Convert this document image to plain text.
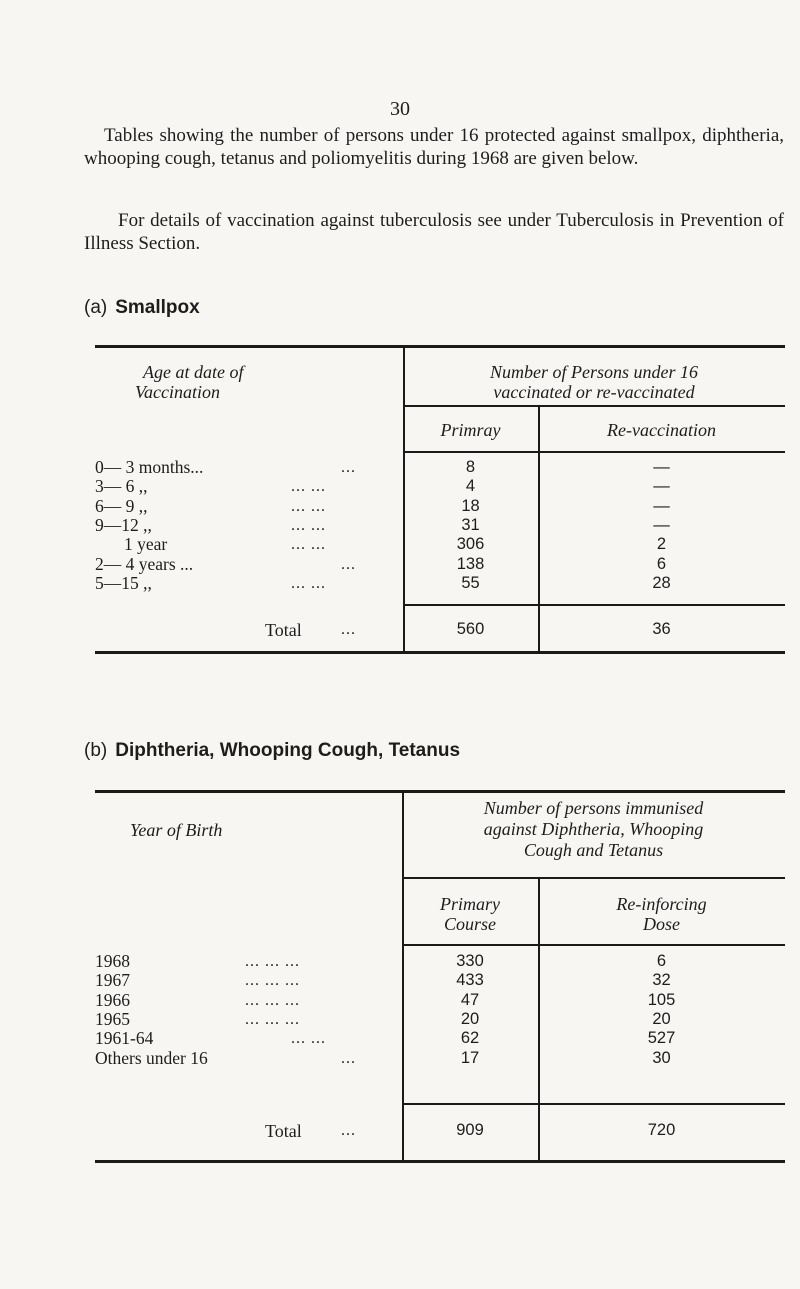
30
Tables showing the number of persons under 16 protected against smallpox, diphtheria, whooping cough, tetanus and poliomyelitis during 1968 are given below.
For details of vaccination against tuberculosis see under Tuberculosis in Prevention of Illness Section.
(a) Smallpox
Age at date of
Vaccination
Number of Persons under 16
vaccinated or re-vaccinated
Primray	Re-vaccination
0— 3 months...	...	8	—
3— 6 ,,	... ...	4	—
6— 9 ,,	... ...	18	—
9—12 ,,	... ...	31	—
1 year	... ...	306	2
2— 4 years ...	...	138	6
5—15 ,,	... ...	55	28
Total ...	560	36
(b) Diphtheria, Whooping Cough, Tetanus
Year of Birth
Number of persons immunised
against Diphtheria, Whooping
Cough and Tetanus
Primary
Course
Re-inforcing
Dose
1968	... ... ...	330	6
1967	... ... ...	433	32
1966	... ... ...	47	105
1965	... ... ...	20	20
1961-64	... ...	62	527
Others under 16	...	17	30
Total ...	909	720
